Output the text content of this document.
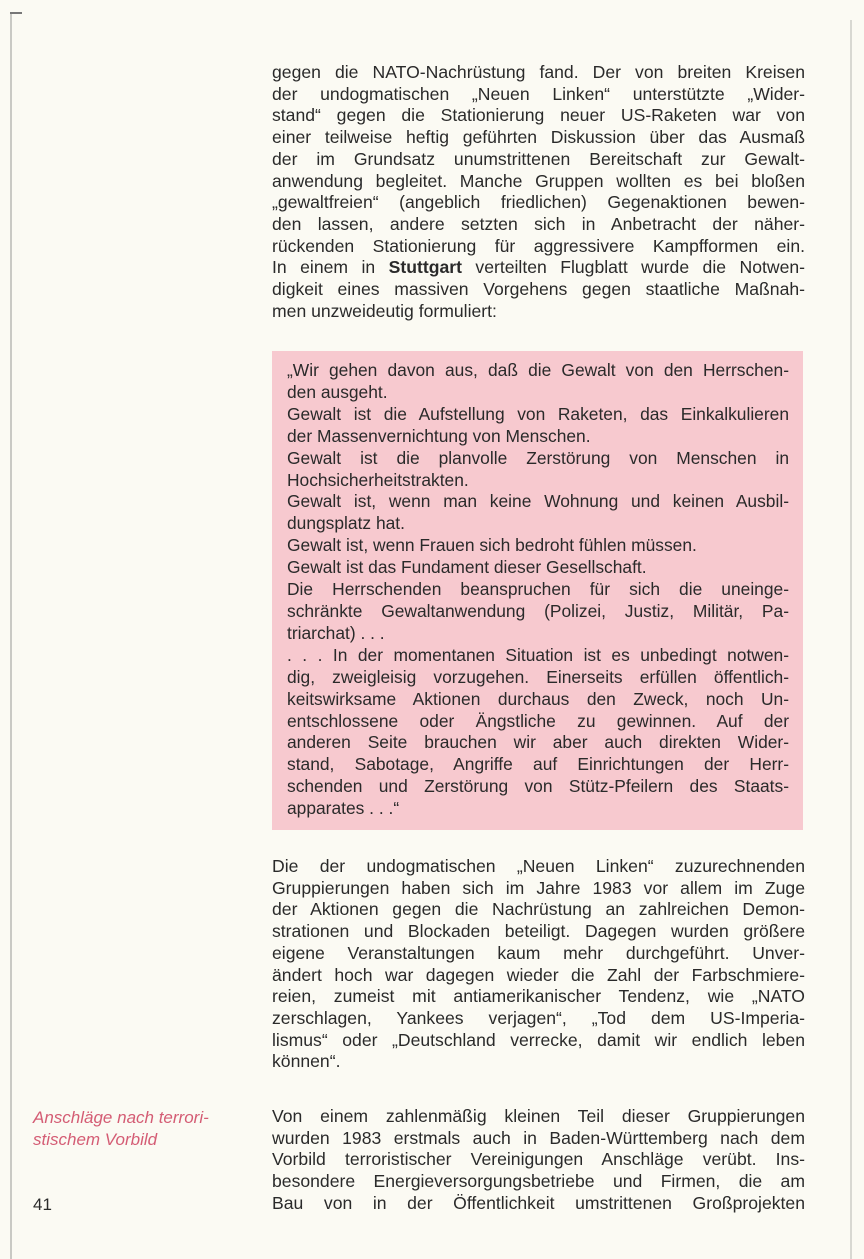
gegen die NATO-Nachrüstung fand. Der von breiten Kreisen
der undogmatischen „Neuen Linken“ unterstützte „Wider-
stand“ gegen die Stationierung neuer US-Raketen war von
einer teilweise heftig geführten Diskussion über das Ausmaß
der im Grundsatz unumstrittenen Bereitschaft zur Gewalt-
anwendung begleitet. Manche Gruppen wollten es bei bloßen
„gewaltfreien“ (angeblich friedlichen) Gegenaktionen bewen-
den lassen, andere setzten sich in Anbetracht der näher-
rückenden Stationierung für aggressivere Kampfformen ein.
In einem in Stuttgart verteilten Flugblatt wurde die Notwen-
digkeit eines massiven Vorgehens gegen staatliche Maßnah-
men unzweideutig formuliert:
„Wir gehen davon aus, daß die Gewalt von den Herrschen-
den ausgeht.
Gewalt ist die Aufstellung von Raketen, das Einkalkulieren
der Massenvernichtung von Menschen.
Gewalt ist die planvolle Zerstörung von Menschen in
Hochsicherheitstrakten.
Gewalt ist, wenn man keine Wohnung und keinen Ausbil-
dungsplatz hat.
Gewalt ist, wenn Frauen sich bedroht fühlen müssen.
Gewalt ist das Fundament dieser Gesellschaft.
Die Herrschenden beanspruchen für sich die uneinge-
schränkte Gewaltanwendung (Polizei, Justiz, Militär, Pa-
triarchat) . . .
. . . In der momentanen Situation ist es unbedingt notwen-
dig, zweigleisig vorzugehen. Einerseits erfüllen öffentlich-
keitswirksame Aktionen durchaus den Zweck, noch Un-
entschlossene oder Ängstliche zu gewinnen. Auf der
anderen Seite brauchen wir aber auch direkten Wider-
stand, Sabotage, Angriffe auf Einrichtungen der Herr-
schenden und Zerstörung von Stütz-Pfeilern des Staats-
apparates . . .“
Die der undogmatischen „Neuen Linken“ zuzurechnenden
Gruppierungen haben sich im Jahre 1983 vor allem im Zuge
der Aktionen gegen die Nachrüstung an zahlreichen Demon-
strationen und Blockaden beteiligt. Dagegen wurden größere
eigene Veranstaltungen kaum mehr durchgeführt. Unver-
ändert hoch war dagegen wieder die Zahl der Farbschmiere-
reien, zumeist mit antiamerikanischer Tendenz, wie „NATO
zerschlagen, Yankees verjagen“, „Tod dem US-Imperia-
lismus“ oder „Deutschland verrecke, damit wir endlich leben
können“.
Anschläge nach terrori-
stischem Vorbild
Von einem zahlenmäßig kleinen Teil dieser Gruppierungen
wurden 1983 erstmals auch in Baden-Württemberg nach dem
Vorbild terroristischer Vereinigungen Anschläge verübt. Ins-
besondere Energieversorgungsbetriebe und Firmen, die am
Bau von in der Öffentlichkeit umstrittenen Großprojekten
41
